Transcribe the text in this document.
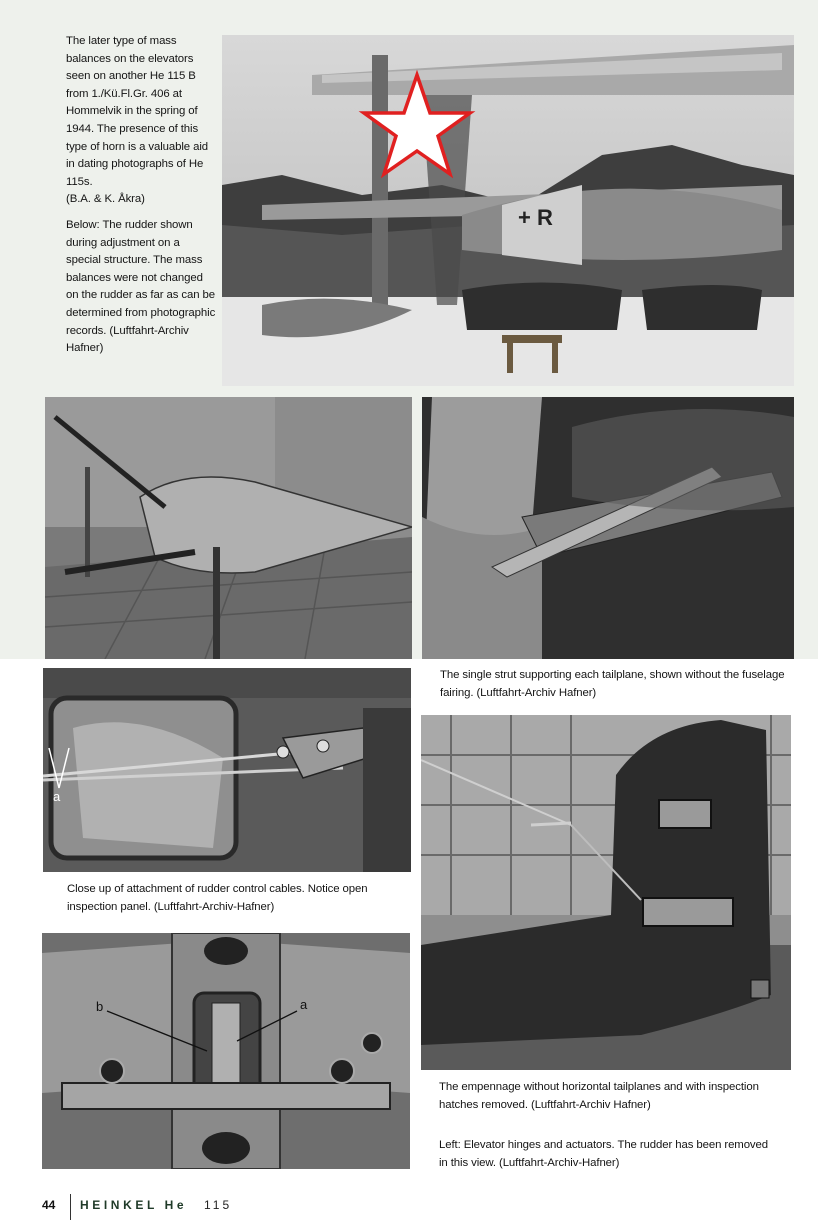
The later type of mass balances on the elevators seen on another He 115 B from 1./Kü.Fl.Gr. 406 at Hommelvik in the spring of 1944. The presence of this type of horn is a valuable aid in dating photographs of He 115s.

(B.A. & K. Åkra)

Below: The rudder shown during adjustment on a special structure. The mass balances were not changed on the rudder as far as can be determined from photographic records. (Luftfahrt-Archiv Hafner)

+ R
The single strut supporting each tailplane, shown without the fuselage fairing. (Luftfahrt-Archiv Hafner)
a
Close up of attachment of rudder control cables. Notice open inspection panel. (Luftfahrt-Archiv-Hafner)
The empennage without horizontal tailplanes and with inspection hatches removed. (Luftfahrt-Archiv Hafner)
b	a
Left: Elevator hinges and actuators. The rudder has been removed in this view. (Luftfahrt-Archiv-Hafner)
44 HEINKEL He 115
